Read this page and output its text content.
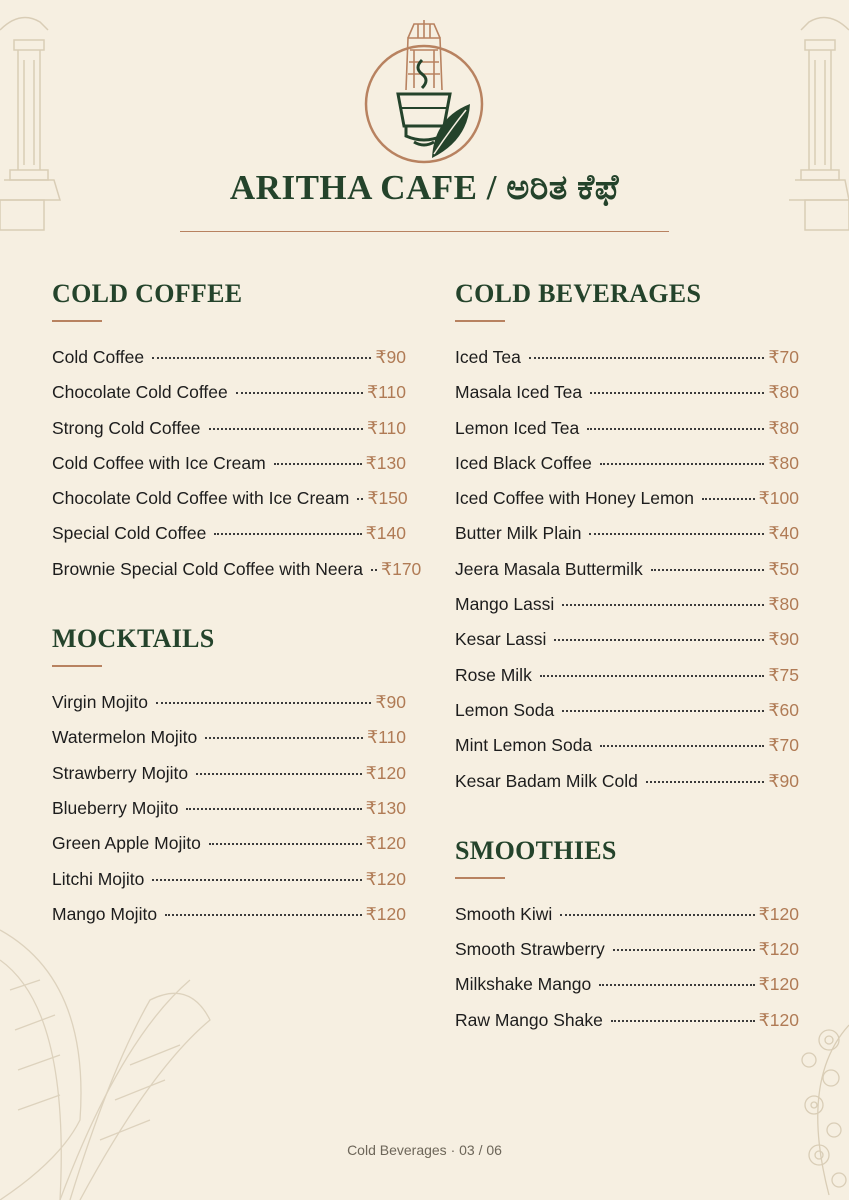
ARITHA CAFE / ಅರಿತ ಕೆಫೆ
COLD COFFEE
Cold Coffee	₹90
Chocolate Cold Coffee	₹110
Strong Cold Coffee	₹110
Cold Coffee with Ice Cream	₹130
Chocolate Cold Coffee with Ice Cream ₹150
Special Cold Coffee	₹140
Brownie Special Cold Coffee with Neera ₹170
MOCKTAILS
Virgin Mojito	₹90
Watermelon Mojito	₹110
Strawberry Mojito	₹120
Blueberry Mojito	₹130
Green Apple Mojito	₹120
Litchi Mojito	₹120
Mango Mojito	₹120
COLD BEVERAGES
Iced Tea	₹70
Masala Iced Tea	₹80
Lemon Iced Tea	₹80
Iced Black Coffee	₹80
Iced Coffee with Honey Lemon	₹100
Butter Milk Plain	₹40
Jeera Masala Buttermilk	₹50
Mango Lassi	₹80
Kesar Lassi	₹90
Rose Milk	₹75
Lemon Soda	₹60
Mint Lemon Soda	₹70
Kesar Badam Milk Cold	₹90
SMOOTHIES
Smooth Kiwi	₹120
Smooth Strawberry	₹120
Milkshake Mango	₹120
Raw Mango Shake	₹120
Cold Beverages · 03 / 06
